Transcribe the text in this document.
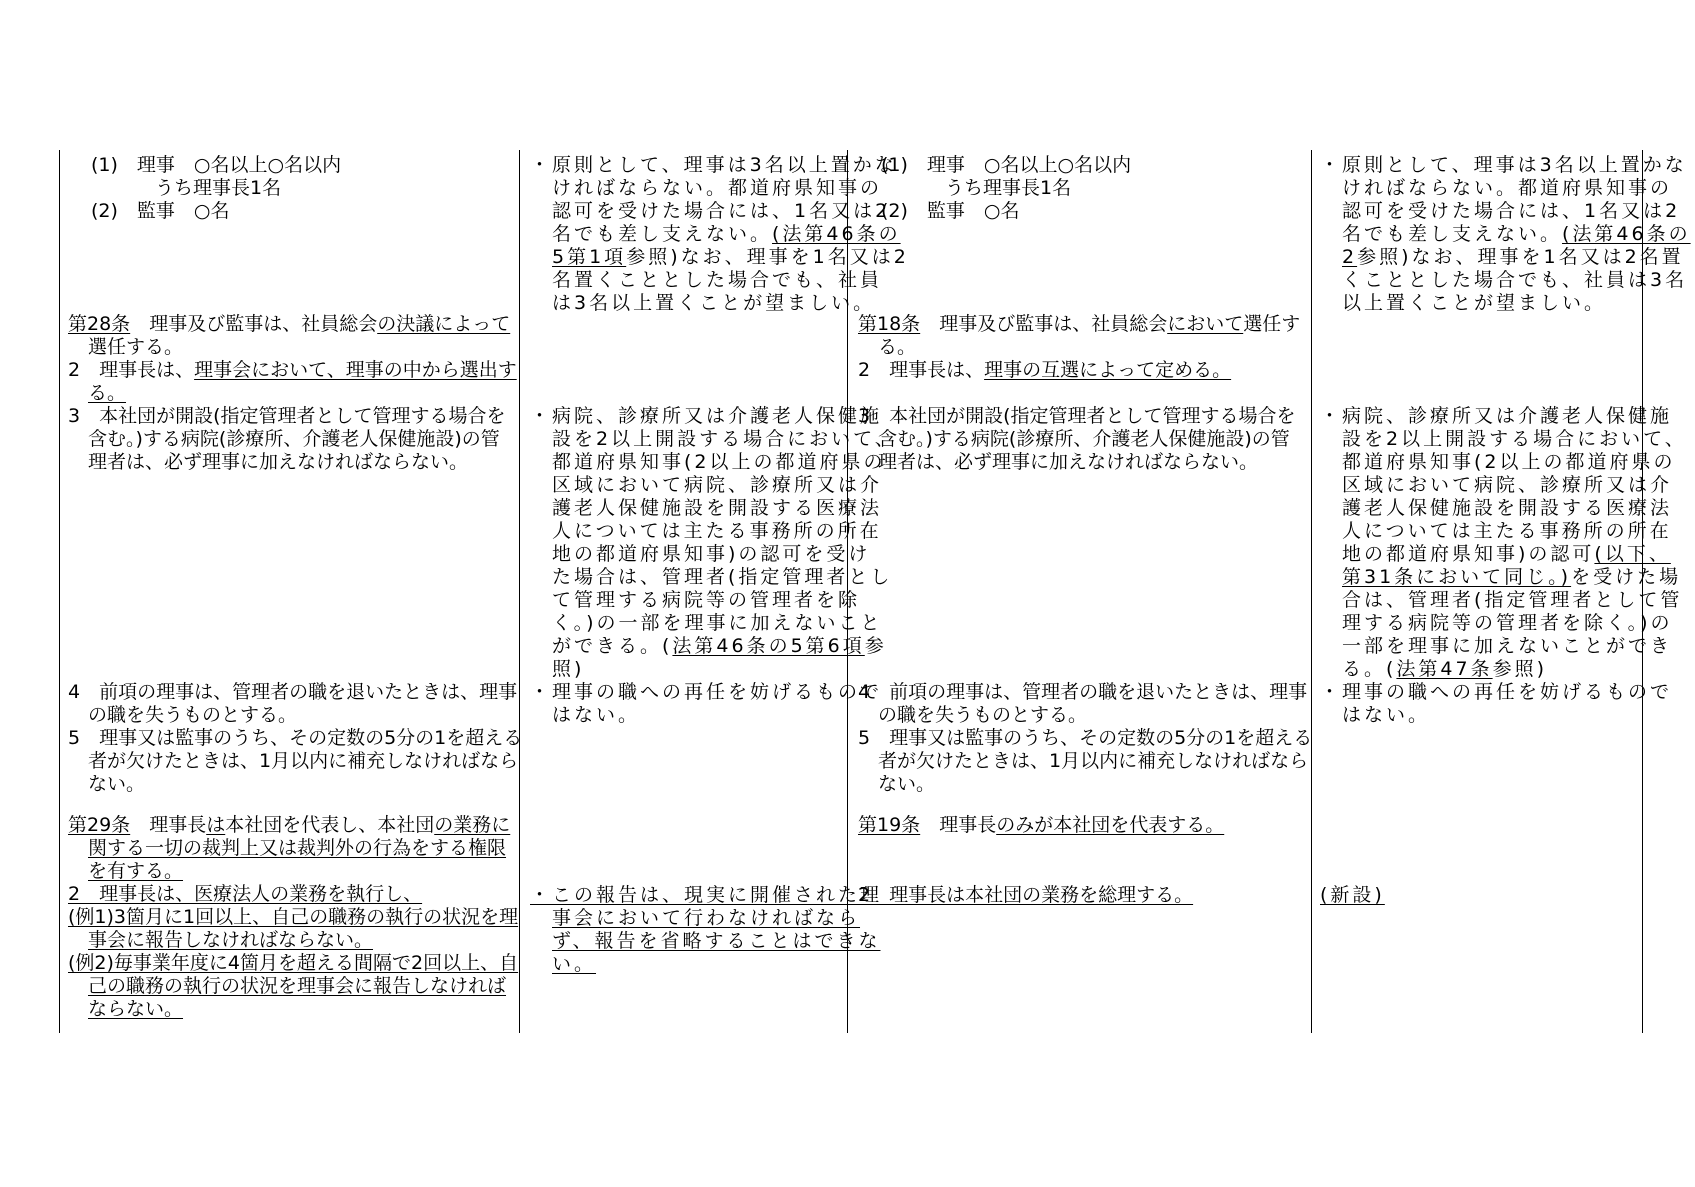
(1)　理事　○名以上○名以内
うち理事長1名
(2)　監事　○名
第28条　理事及び監事は、社員総会の決議によって
選任する。
2　理事長は、理事会において、理事の中から選出す
る。
3　本社団が開設(指定管理者として管理する場合を
含む。)する病院(診療所、介護老人保健施設)の管
理者は、必ず理事に加えなければならない。
4　前項の理事は、管理者の職を退いたときは、理事
の職を失うものとする。
5　理事又は監事のうち、その定数の5分の1を超える
者が欠けたときは、1月以内に補充しなければなら
ない。
第29条　理事長は本社団を代表し、本社団の業務に
関する一切の裁判上又は裁判外の行為をする権限
を有する。
2　理事長は、医療法人の業務を執行し、
(例1)3箇月に1回以上、自己の職務の執行の状況を理
事会に報告しなければならない。
(例2)毎事業年度に4箇月を超える間隔で2回以上、自
己の職務の執行の状況を理事会に報告しなければ
ならない。
・原則として、理事は3名以上置かな
ければならない。都道府県知事の
認可を受けた場合には、1名又は2
名でも差し支えない。(法第46条の
5第1項参照)なお、理事を1名又は2
名置くこととした場合でも、社員
は3名以上置くことが望ましい。
・病院、診療所又は介護老人保健施
設を2以上開設する場合において、
都道府県知事(2以上の都道府県の
区域において病院、診療所又は介
護老人保健施設を開設する医療法
人については主たる事務所の所在
地の都道府県知事)の認可を受け
た場合は、管理者(指定管理者とし
て管理する病院等の管理者を除
く。)の一部を理事に加えないこと
ができる。(法第46条の5第6項参
照)
・理事の職への再任を妨げるもので
はない。
・この報告は、現実に開催された理
事会において行わなければなら
ず、報告を省略することはできな
い。
(1)　理事　○名以上○名以内
うち理事長1名
(2)　監事　○名
第18条　理事及び監事は、社員総会において選任す
る。
2　理事長は、理事の互選によって定める。
3　本社団が開設(指定管理者として管理する場合を
含む。)する病院(診療所、介護老人保健施設)の管
理者は、必ず理事に加えなければならない。
4　前項の理事は、管理者の職を退いたときは、理事
の職を失うものとする。
5　理事又は監事のうち、その定数の5分の1を超える
者が欠けたときは、1月以内に補充しなければなら
ない。
第19条　理事長のみが本社団を代表する。
2　理事長は本社団の業務を総理する。
・原則として、理事は3名以上置かな
ければならない。都道府県知事の
認可を受けた場合には、1名又は2
名でも差し支えない。(法第46条の
2参照)なお、理事を1名又は2名置
くこととした場合でも、社員は3名
以上置くことが望ましい。
・病院、診療所又は介護老人保健施
設を2以上開設する場合において、
都道府県知事(2以上の都道府県の
区域において病院、診療所又は介
護老人保健施設を開設する医療法
人については主たる事務所の所在
地の都道府県知事)の認可(以下、
第31条において同じ。)を受けた場
合は、管理者(指定管理者として管
理する病院等の管理者を除く。)の
一部を理事に加えないことができ
る。(法第47条参照)
・理事の職への再任を妨げるもので
はない。
(新設)
